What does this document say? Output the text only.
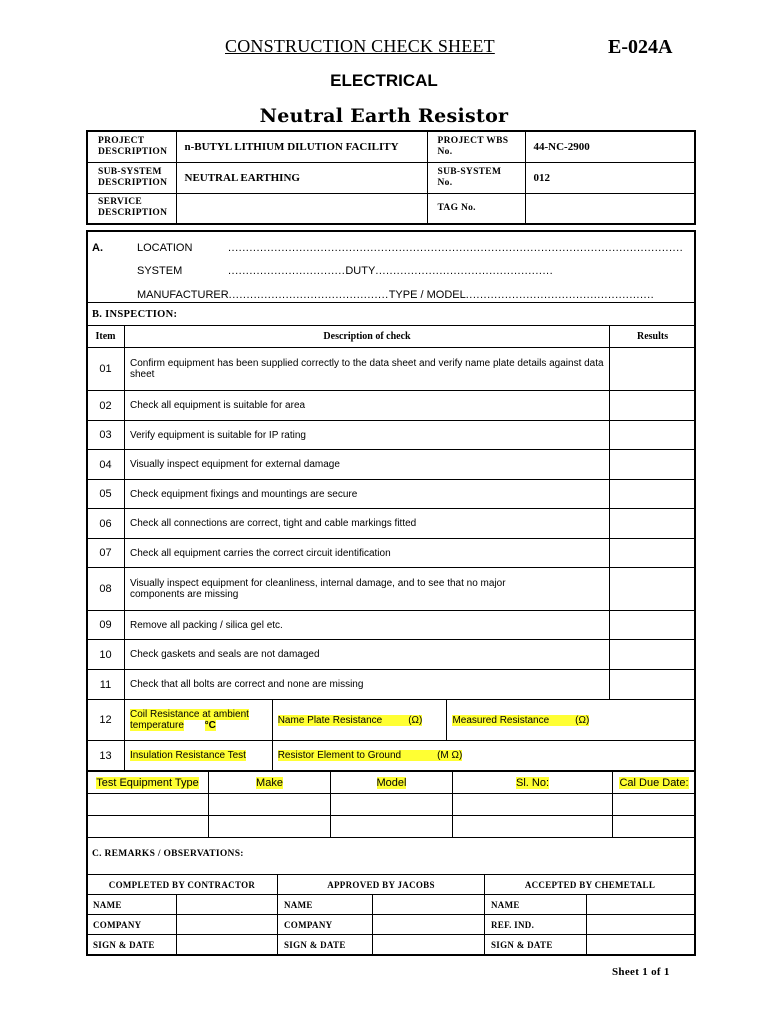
CONSTRUCTION CHECK SHEET	E-024A
ELECTRICAL
Neutral Earth Resistor
PROJECT DESCRIPTION	n-BUTYL LITHIUM DILUTION FACILITY	PROJECT WBS No.	44-NC-2900
SUB-SYSTEM DESCRIPTION	NEUTRAL EARTHING	SUB-SYSTEM No.	012
SERVICE DESCRIPTION		TAG No.	
A.	LOCATION	................................................................................................................................
SYSTEM	.................................DUTY..................................................
MANUFACTURER.............................................TYPE / MODEL.....................................................
B. INSPECTION:				
Item	Description of check			Results
01	Confirm equipment has been supplied correctly to the data sheet and verify name plate details against data sheet			
02	Check all equipment is suitable for area			
03	Verify equipment is suitable for IP rating			
04	Visually inspect equipment for external damage			
05	Check equipment fixings and mountings are secure			
06	Check all connections are correct, tight and cable markings fitted			
07	Check all equipment carries the correct circuit identification			
08	Visually inspect equipment for cleanliness, internal damage, and to see that no major components are missing			
09	Remove all packing / silica gel etc.			
10	Check gaskets and seals are not damaged			
11	Check that all bolts are correct and none are missing			
12	Coil Resistance at ambient temperature °C	Name Plate Resistance (Ω)	Measured Resistance (Ω)	
13	Insulation Resistance Test	Resistor Element to Ground (M Ω)		
Test Equipment Type	Make	Model	Sl. No:	Cal Due Date:

C. REMARKS / OBSERVATIONS:
COMPLETED BY CONTRACTOR		APPROVED BY JACOBS		ACCEPTED BY CHEMETALL	
NAME		NAME		NAME	
COMPANY		COMPANY		REF. IND.	
SIGN & DATE		SIGN & DATE		SIGN & DATE	
Sheet 1 of 1
